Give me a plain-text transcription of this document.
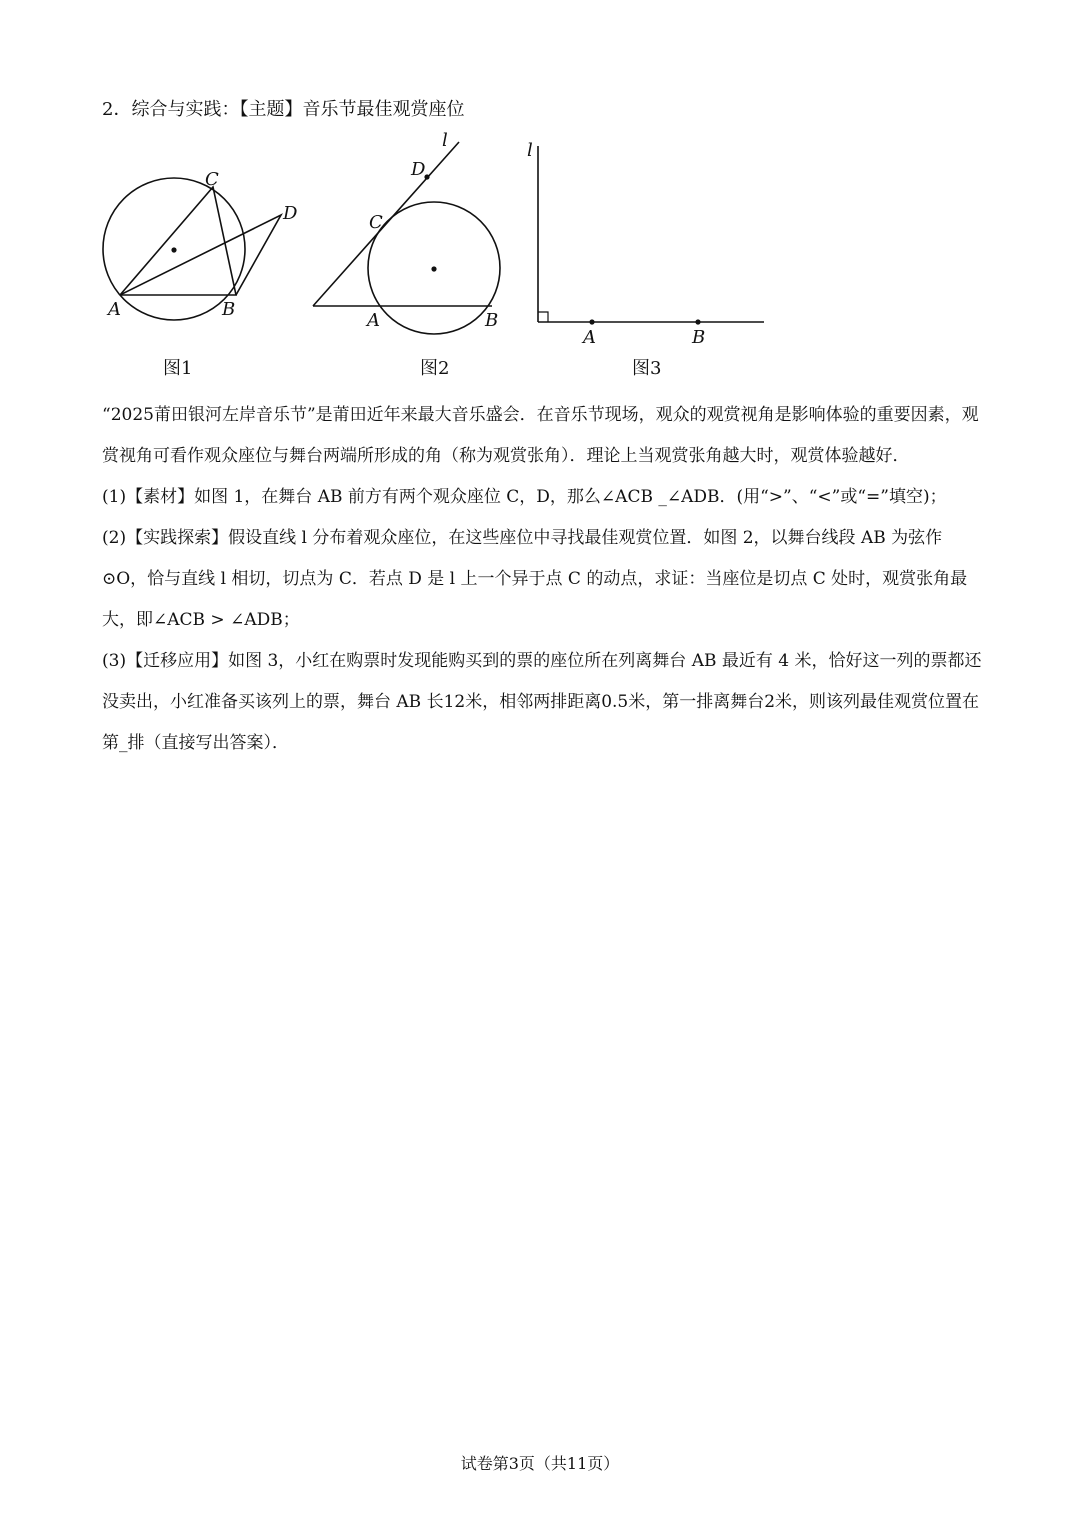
2．综合与实践：【主题】音乐节最佳观赏座位
A	B
C
D
l
D
C
A	B
l
A	B
图1	图2	图3

“2025莆田银河左岸音乐节”是莆田近年来最大音乐盛会．在音乐节现场，观众的观赏视角是影响体验的重要因素，观赏视角可看作观众座位与舞台两端所形成的角（称为观赏张角）．理论上当观赏张角越大时，观赏体验越好．

(1)【素材】如图 1，在舞台 AB 前方有两个观众座位 C，D，那么∠ACB _∠ADB．(用“>”、“<”或“=”填空)；

(2)【实践探索】假设直线 l 分布着观众座位，在这些座位中寻找最佳观赏位置．如图 2，以舞台线段 AB 为弦作⊙O，恰与直线 l 相切，切点为 C．若点 D 是 l 上一个异于点 C 的动点，求证：当座位是切点 C 处时，观赏张角最大，即∠ACB > ∠ADB；

(3)【迁移应用】如图 3，小红在购票时发现能购买到的票的座位所在列离舞台 AB 最近有 4 米，恰好这一列的票都还没卖出，小红准备买该列上的票，舞台 AB 长12米，相邻两排距离0.5米，第一排离舞台2米，则该列最佳观赏位置在第_排（直接写出答案）．

试卷第3页（共11页）
